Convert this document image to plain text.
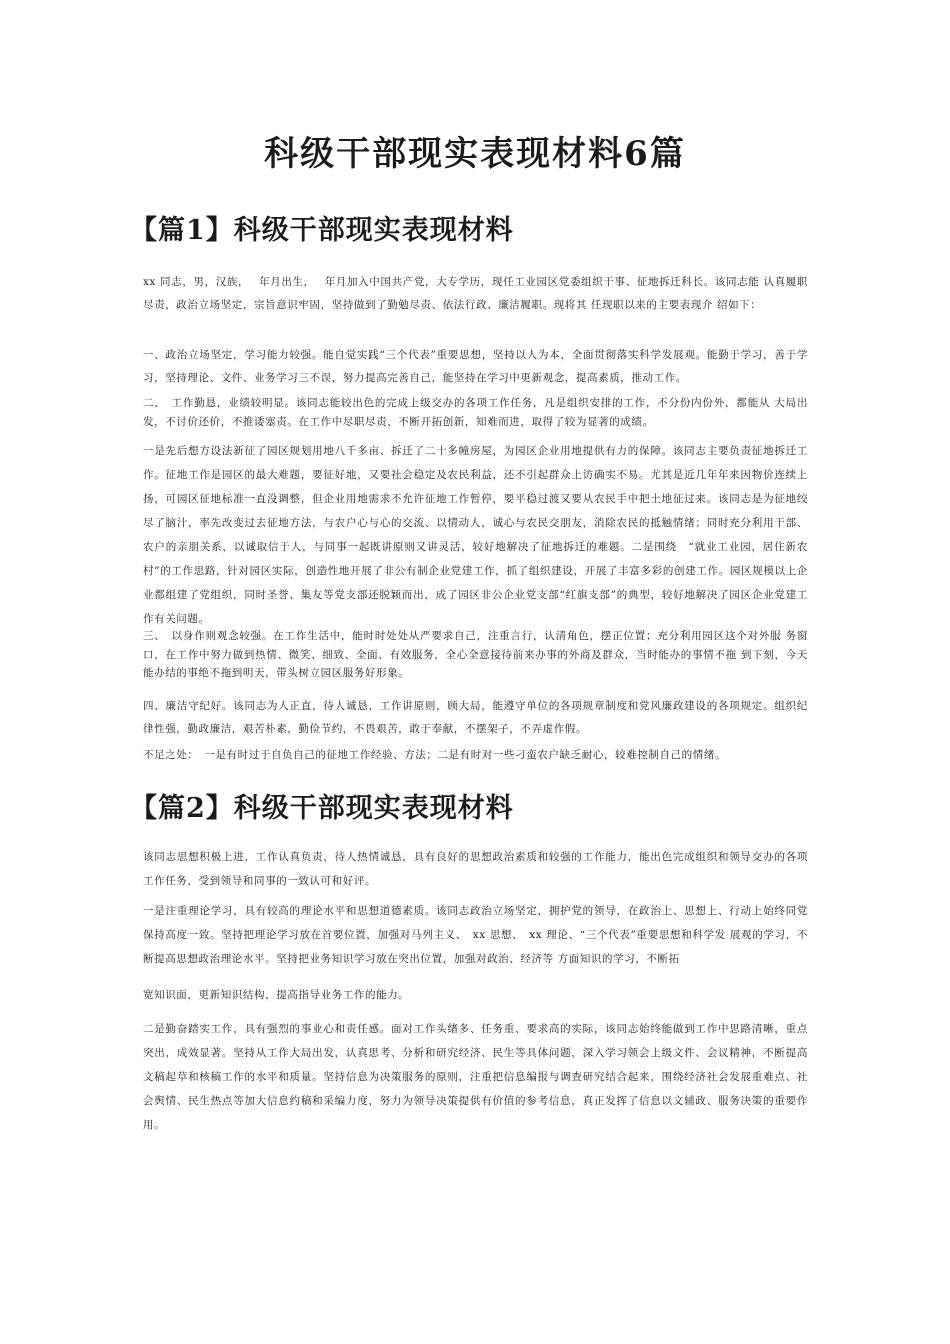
科级干部现实表现材料6篇
【篇1】科级干部现实表现材料

xx 同志，男，汉族，　 年月出生，　 年月加入中国共产党，大专学历，现任工业园区党委组织干事、征地拆迁科长。该同志能 认真履职尽责，政治立场坚定，宗旨意识牢固，坚持做到了勤勉尽责、依法行政、廉洁履职。现将其 任现职以来的主要表现介 绍如下：

一、政治立场坚定，学习能力较强。能自觉实践“三个代表”重要思想，坚持以人为本，全面贯彻落实科学发展观。能勤于学习，善于学习，坚持理论、文件、业务学习三不误，努力提高完善自己，能坚持在学习中更新观念，提高素质，推动工作。

二、　工作勤恳，业绩较明显。该同志能较出色的完成上级交办的各项工作任务，凡是组织安排的工作，不分份内份外，都能从 大局出发，不讨价还价，不推诿塞责。在工作中尽职尽责，不断开拓创新，知难而进，取得了较为显著的成绩。

一是先后想方设法新征了园区规划用地八千多亩、拆迁了二十多幢房屋，为园区企业用地提供有力的保障。该同志主要负责征地拆迁工作。征地工作是园区的最大难题，要征好地，又要社会稳定及农民利益，还不引起群众上访确实不易。尤其是近几年年来因物价连续上扬，可园区征地标准一直没调整，但企业用地需求不允许征地工作暂停，要平稳过渡又要从农民手中把土地征过来。该同志是为征地绞尽了脑汁，率先改变过去征地方法，与农户心与心的交流、以情动人，诚心与农民交朋友，消除农民的抵触情绪；同时充分利用干部、农户的亲朋关系，以诚取信于人，与同事一起既讲原则又讲灵活，较好地解决了征地拆迁的难题。二是围绕　“就业工业园，居住新农村”的工作思路，针对园区实际，创造性地开展了非公有制企业党建工作，抓了组织建设，开展了丰富多彩的创建工作。园区规模以上企业都组建了党组织，同时圣誉、集友等党支部还脱颖而出，成了园区非公企业党支部“红旗支部”的典型，较好地解决了园区企业党建工作有关问题。

三、　以身作则观念较强。在工作生活中，能时时处处从严要求自己，注重言行，认清角色，摆正位置；充分利用园区这个对外服 务窗口，在工作中努力做到热情、微笑、细致、全面、有效服务，全心全意接待前来办事的外商及群众，当时能办的事情不拖 到下刻，今天能办结的事绝不拖到明天，带头树立园区服务好形象。

四、廉洁守纪好。该同志为人正直，待人诚恳，工作讲原则，顾大局，能遵守单位的各项规章制度和党风廉政建设的各项规定。组织纪律性强，勤政廉洁，艰苦朴素，勤俭节约，不畏艰苦，敢于奉献，不摆架子，不弄虚作假。

不足之处：　一是有时过于自负自己的征地工作经验、方法；二是有时对一些刁蛮农户缺乏耐心，较难控制自己的情绪。

【篇2】科级干部现实表现材料

该同志思想积极上进，工作认真负责，待人热情诚恳，具有良好的思想政治素质和较强的工作能力，能出色完成组织和领导交办的各项工作任务，受到领导和同事的一致认可和好评。

一是注重理论学习，具有较高的理论水平和思想道德素质。该同志政治立场坚定，拥护党的领导，在政治上、思想上、行动上始终同党保持高度一致。坚持把理论学习放在首要位置，加强对马列主义、　xx 思想、　xx 理论、“三个代表”重要思想和科学发 展观的学习，不断提高思想政治理论水平。坚持把业务知识学习放在突出位置，加强对政治、经济等 方面知识的学习，不断拓

宽知识面，更新知识结构，提高指导业务工作的能力。

二是勤奋踏实工作，具有强烈的事业心和责任感。面对工作头绪多、任务重、要求高的实际，该同志始终能做到工作中思路清晰，重点突出，成效显著。坚持从工作大局出发，认真思考、分析和研究经济、民生等具体问题，深入学习领会上级文件、会议精神，不断提高文稿起草和核稿工作的水平和质量。坚持信息为决策服务的原则，注重把信息编报与调查研究结合起来，围绕经济社会发展重难点、社会舆情、民生热点等加大信息约稿和采编力度，努力为领导决策提供有价值的参考信息，真正发挥了信息以文辅政、服务决策的重要作用。
